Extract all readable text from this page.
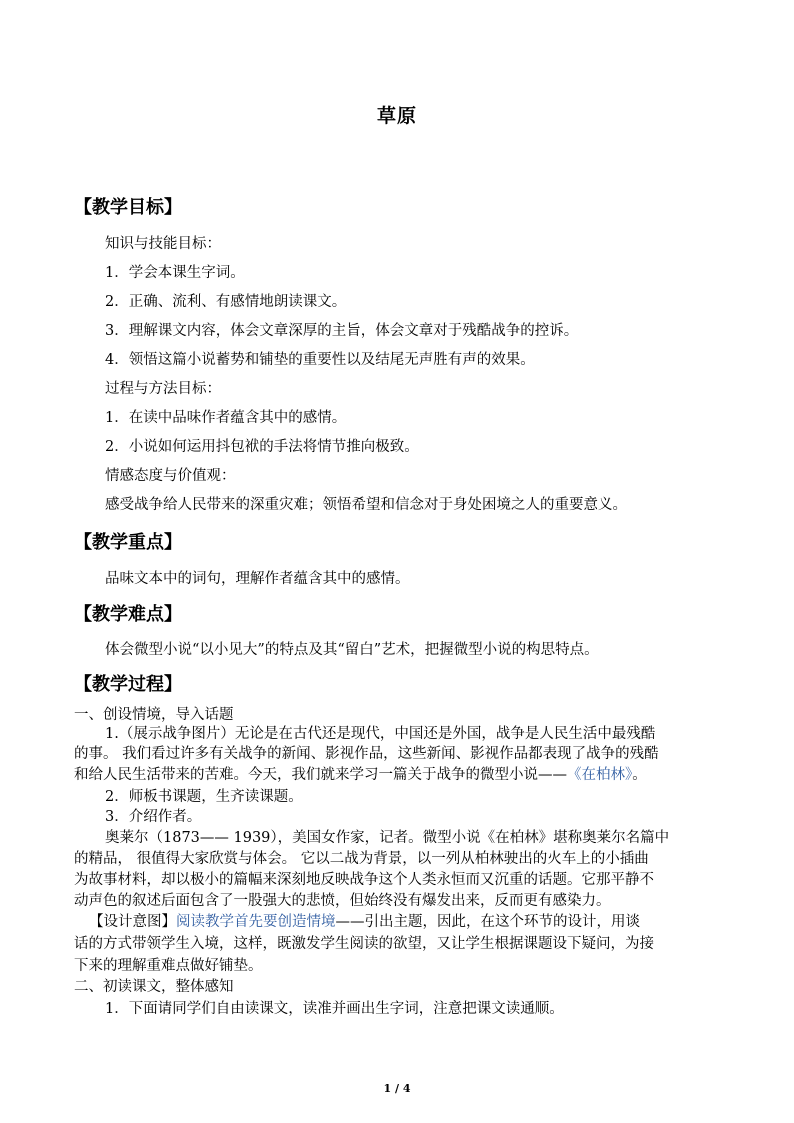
草原
【教学目标】
知识与技能目标：
1．学会本课生字词。
2．正确、流利、有感情地朗读课文。
3．理解课文内容，体会文章深厚的主旨，体会文章对于残酷战争的控诉。
4．领悟这篇小说蓄势和铺垫的重要性以及结尾无声胜有声的效果。
过程与方法目标：
1．在读中品味作者蕴含其中的感情。
2．小说如何运用抖包袱的手法将情节推向极致。
情感态度与价值观：
感受战争给人民带来的深重灾难；领悟希望和信念对于身处困境之人的重要意义。
【教学重点】
品味文本中的词句，理解作者蕴含其中的感情。
【教学难点】
体会微型小说“以小见大”的特点及其“留白”艺术，把握微型小说的构思特点。
【教学过程】
一、创设情境，导入话题
1.（展示战争图片）无论是在古代还是现代，中国还是外国，战争是人民生活中最残酷
的事。 我们看过许多有关战争的新闻、影视作品，这些新闻、影视作品都表现了战争的残酷
和给人民生活带来的苦难。今天，我们就来学习一篇关于战争的微型小说——《在柏林》。
2．师板书课题，生齐读课题。
3．介绍作者。
奥莱尔（1873—— 1939），美国女作家，记者。微型小说《在柏林》堪称奥莱尔名篇中
的精品， 很值得大家欣赏与体会。 它以二战为背景，以一列从柏林驶出的火车上的小插曲
为故事材料，却以极小的篇幅来深刻地反映战争这个人类永恒而又沉重的话题。它那平静不
动声色的叙述后面包含了一股强大的悲愤，但始终没有爆发出来，反而更有感染力。
【设计意图】阅读教学首先要创造情境——引出主题，因此，在这个环节的设计，用谈
话的方式带领学生入境，这样，既激发学生阅读的欲望，又让学生根据课题设下疑问，为接
下来的理解重难点做好铺垫。
二、初读课文，整体感知
1．下面请同学们自由读课文，读准并画出生字词，注意把课文读通顺。
1 / 4
